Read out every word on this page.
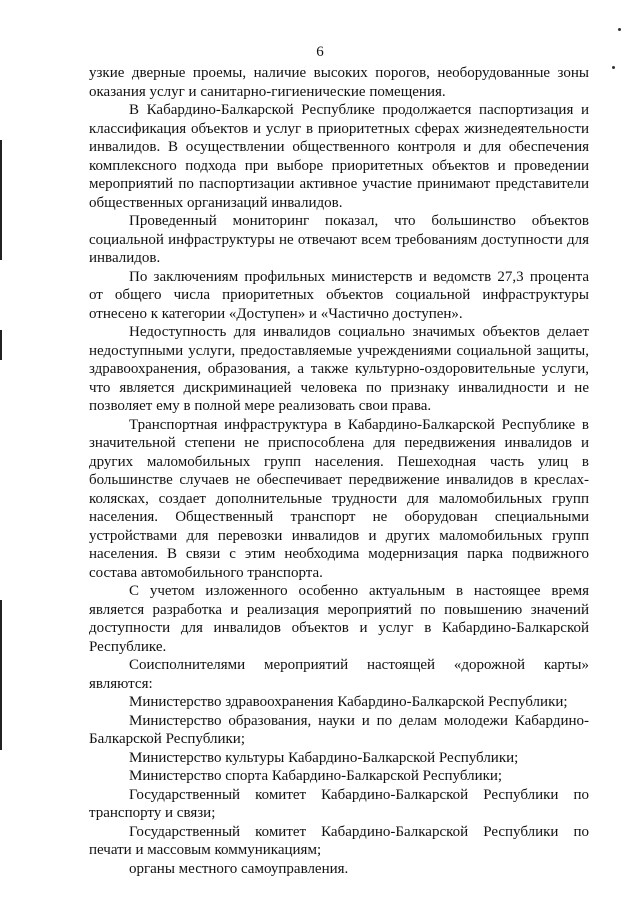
6

узкие дверные проемы, наличие высоких порогов, необорудованные зоны оказания услуг и санитарно-гигиенические помещения.

В Кабардино-Балкарской Республике продолжается паспортизация и классификация объектов и услуг в приоритетных сферах жизнедеятельности инвалидов. В осуществлении общественного контроля и для обеспечения комплексного подхода при выборе приоритетных объектов и проведении мероприятий по паспортизации активное участие принимают представители общественных организаций инвалидов.

Проведенный мониторинг показал, что большинство объектов социальной инфраструктуры не отвечают всем требованиям доступности для инвалидов.

По заключениям профильных министерств и ведомств 27,3 процента от общего числа приоритетных объектов социальной инфраструктуры отнесено к категории «Доступен» и «Частично доступен».

Недоступность для инвалидов социально значимых объектов делает недоступными услуги, предоставляемые учреждениями социальной защиты, здравоохранения, образования, а также культурно-оздоровительные услуги, что является дискриминацией человека по признаку инвалидности и не позволяет ему в полной мере реализовать свои права.

Транспортная инфраструктура в Кабардино-Балкарской Республике в значительной степени не приспособлена для передвижения инвалидов и других маломобильных групп населения. Пешеходная часть улиц в большинстве случаев не обеспечивает передвижение инвалидов в креслах-колясках, создает дополнительные трудности для маломобильных групп населения. Общественный транспорт не оборудован специальными устройствами для перевозки инвалидов и других маломобильных групп населения. В связи с этим необходима модернизация парка подвижного состава автомобильного транспорта.

С учетом изложенного особенно актуальным в настоящее время является разработка и реализация мероприятий по повышению значений доступности для инвалидов объектов и услуг в Кабардино-Балкарской Республике.

Соисполнителями мероприятий настоящей «дорожной карты» являются:

Министерство здравоохранения Кабардино-Балкарской Республики;

Министерство образования, науки и по делам молодежи Кабардино-Балкарской Республики;

Министерство культуры Кабардино-Балкарской Республики;

Министерство спорта Кабардино-Балкарской Республики;

Государственный комитет Кабардино-Балкарской Республики по транспорту и связи;

Государственный комитет Кабардино-Балкарской Республики по печати и массовым коммуникациям;

органы местного самоуправления.
